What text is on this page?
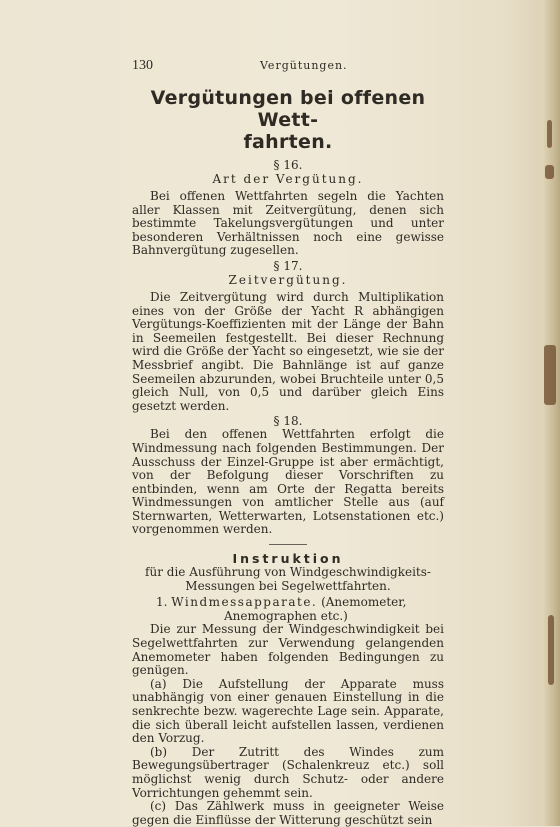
130	Vergütungen.
Vergütungen bei offenen Wett-
fahrten.
§ 16.
Art der Vergütung.

Bei offenen Wettfahrten segeln die Yachten aller Klassen mit Zeitvergütung, denen sich bestimmte Takelungsvergütungen und unter besonderen Verhältnissen noch eine gewisse Bahnvergütung zugesellen.

§ 17.
Zeitvergütung.

Die Zeitvergütung wird durch Multiplikation eines von der Größe der Yacht R abhängigen Vergütungs-Koeffizienten mit der Länge der Bahn in Seemeilen festgestellt. Bei dieser Rechnung wird die Größe der Yacht so eingesetzt, wie sie der Messbrief angibt. Die Bahnlänge ist auf ganze Seemeilen abzurunden, wobei Bruchteile unter 0,5 gleich Null, von 0,5 und darüber gleich Eins gesetzt werden.

§ 18.

Bei den offenen Wettfahrten erfolgt die Windmessung nach folgenden Bestimmungen. Der Ausschuss der Einzel-Gruppe ist aber ermächtigt, von der Befolgung dieser Vorschriften zu entbinden, wenn am Orte der Regatta bereits Windmessungen von amtlicher Stelle aus (auf Sternwarten, Wetterwarten, Lotsenstationen etc.) vorgenommen werden.

Instruktion
für die Ausführung von Windgeschwindigkeits-
Messungen bei Segelwettfahrten.
1. Windmessapparate. (Anemometer,
Anemographen etc.)

Die zur Messung der Windgeschwindigkeit bei Segelwettfahrten zur Verwendung gelangenden Anemometer haben folgenden Bedingungen zu genügen.

(a) Die Aufstellung der Apparate muss unabhängig von einer genauen Einstellung in die senkrechte bezw. wagerechte Lage sein. Apparate, die sich überall leicht aufstellen lassen, verdienen den Vorzug.

(b) Der Zutritt des Windes zum Bewegungsübertrager (Schalenkreuz etc.) soll möglichst wenig durch Schutz- oder andere Vorrichtungen gehemmt sein.

(c) Das Zählwerk muss in geeigneter Weise gegen die Einflüsse der Witterung geschützt sein
